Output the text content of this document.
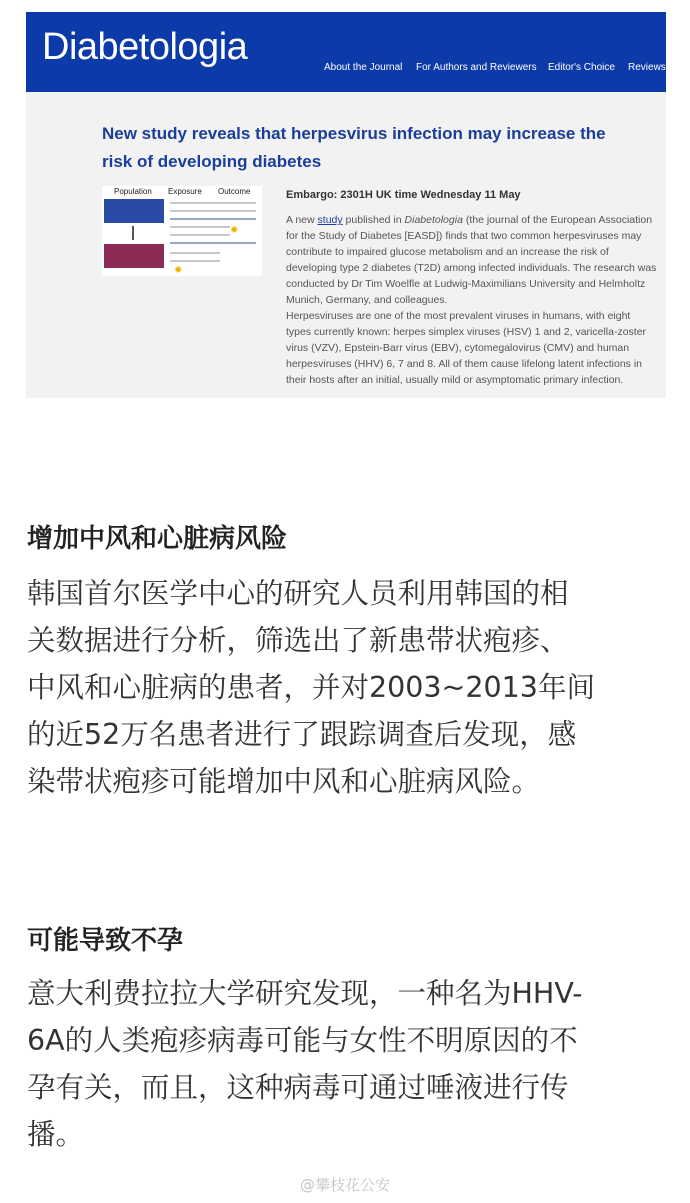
Diabetologia	About the Journal For Authors and Reviewers Editor's Choice Reviews
New study reveals that herpesvirus infection may increase the
risk of developing diabetes
Population Exposure Outcome
✹
✹
Embargo: 2301H UK time Wednesday 11 May
A new study published in Diabetologia (the journal of the European Association for the Study of Diabetes [EASD]) finds that two common herpesviruses may contribute to impaired glucose metabolism and an increase the risk of developing type 2 diabetes (T2D) among infected individuals. The research was conducted by Dr Tim Woelfle at Ludwig-Maximilians University and Helmholtz Munich, Germany, and colleagues.
Herpesviruses are one of the most prevalent viruses in humans, with eight types currently known: herpes simplex viruses (HSV) 1 and 2, varicella-zoster virus (VZV), Epstein-Barr virus (EBV), cytomegalovirus (CMV) and human herpesviruses (HHV) 6, 7 and 8. All of them cause lifelong latent infections in their hosts after an initial, usually mild or asymptomatic primary infection.
增加中风和心脏病风险
韩国首尔医学中心的研究人员利用韩国的相
关数据进行分析，筛选出了新患带状疱疹、
中风和心脏病的患者，并对2003~2013年间
的近52万名患者进行了跟踪调查后发现，感
染带状疱疹可能增加中风和心脏病风险。
可能导致不孕
意大利费拉拉大学研究发现，一种名为HHV-
6A的人类疱疹病毒可能与女性不明原因的不
孕有关，而且，这种病毒可通过唾液进行传
播。
@攀枝花公安
